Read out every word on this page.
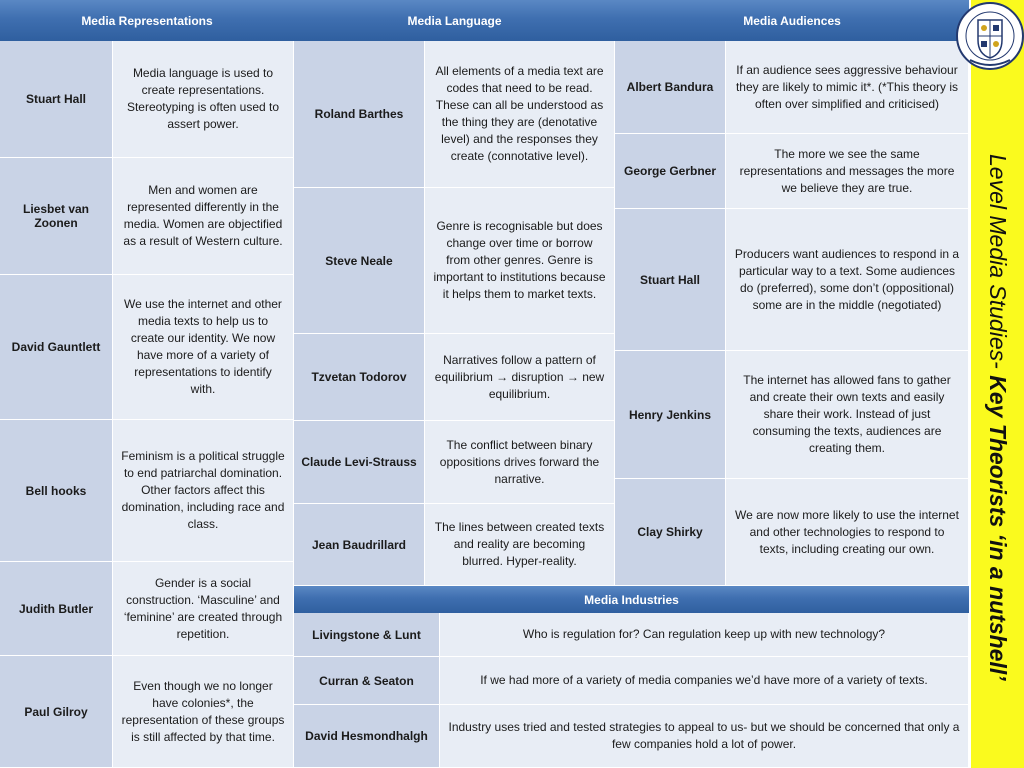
Media Representations
Stuart Hall
Media language is used to create representations. Stereotyping is often used to assert power.
Liesbet van Zoonen
Men and women are represented differently in the media. Women are objectified as a result of Western culture.
David Gauntlett
We use the internet and other media texts to help us to create our identity. We now have more of a variety of representations to identify with.
Bell hooks
Feminism is a political struggle to end patriarchal domination. Other factors affect this domination, including race and class.
Judith Butler
Gender is a social construction. ‘Masculine’ and ‘feminine’ are created through repetition.
Paul Gilroy
Even though we no longer have colonies*, the representation of these groups is still affected by that time.
Media Language
Roland Barthes
All elements of a media text are codes that need to be read. These can all be understood as the thing they are (denotative level) and the responses they create (connotative level).
Steve Neale
Genre is recognisable but does change over time or borrow from other genres. Genre is important to institutions because it helps them to market texts.
Tzvetan Todorov
Narratives follow a pattern of equilibrium → disruption → new equilibrium.
Claude Levi-Strauss
The conflict between binary oppositions drives forward the narrative.
Jean Baudrillard
The lines between created texts and reality are becoming blurred. Hyper-reality.
Media Audiences
Albert Bandura
If an audience sees aggressive behaviour they are likely to mimic it*. (*This theory is often over simplified and criticised)
George Gerbner
The more we see the same representations and messages the more we believe they are true.
Stuart Hall
Producers want audiences to respond in a particular way to a text. Some audiences do (preferred), some don’t (oppositional) some are in the middle (negotiated)
Henry Jenkins
The internet has allowed fans to gather and create their own texts and easily share their work. Instead of just consuming the texts, audiences are creating them.
Clay Shirky
We are now more likely to use the internet and other technologies to respond to texts, including creating our own.
Media Industries
Livingstone & Lunt	Who is regulation for? Can regulation keep up with new technology?
Curran & Seaton	If we had more of a variety of media companies we’d have more of a variety of texts.
David Hesmondhalgh
Industry uses tried and tested strategies to appeal to us- but we should be concerned that only a few companies hold a lot of power.
Level Media Studies- Key Theorists ‘in a nutshell’
